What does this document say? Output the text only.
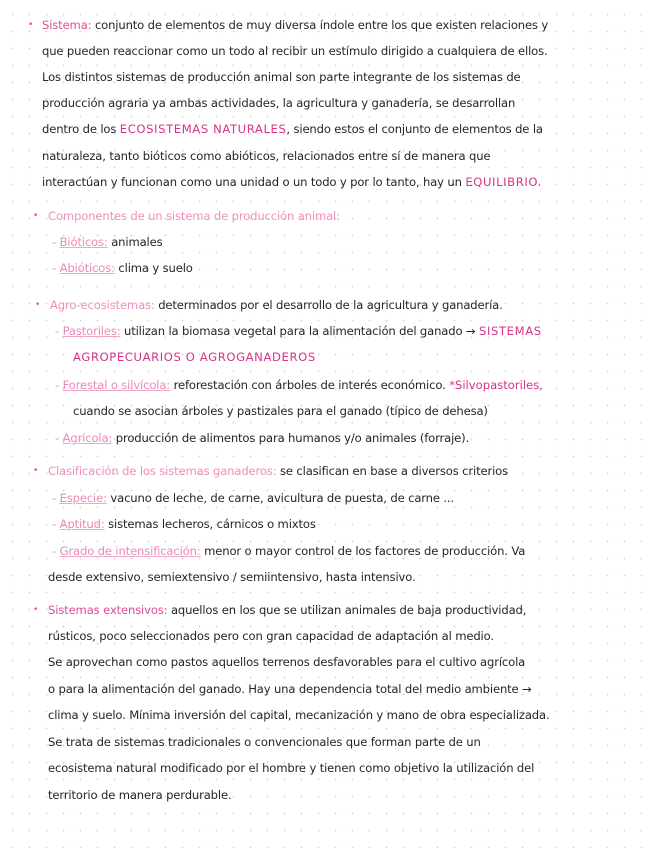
• Sistema: conjunto de elementos de muy diversa índole entre los que existen relaciones y
que pueden reaccionar como un todo al recibir un estímulo dirigido a cualquiera de ellos.
Los distintos sistemas de producción animal son parte integrante de los sistemas de
producción agraria ya ambas actividades, la agricultura y ganadería, se desarrollan
dentro de los ECOSISTEMAS NATURALES, siendo estos el conjunto de elementos de la
naturaleza, tanto bióticos como abióticos, relacionados entre sí de manera que
interactúan y funcionan como una unidad o un todo y por lo tanto, hay un EQUILIBRIO.
• Componentes de un sistema de producción animal:
- Bióticos: animales
- Abióticos: clima y suelo
• Agro-ecosistemas: determinados por el desarrollo de la agricultura y ganadería.
- Pastoriles: utilizan la biomasa vegetal para la alimentación del ganado → SISTEMAS
AGROPECUARIOS O AGROGANADEROS
- Forestal o silvícola: reforestación con árboles de interés económico. *Silvopastoriles,
cuando se asocian árboles y pastizales para el ganado (típico de dehesa)
- Agrícola: producción de alimentos para humanos y/o animales (forraje).
• Clasificación de los sistemas ganaderos: se clasifican en base a diversos criterios
- Especie: vacuno de leche, de carne, avicultura de puesta, de carne ...
- Aptitud: sistemas lecheros, cárnicos o mixtos
- Grado de intensificación: menor o mayor control de los factores de producción. Va
desde extensivo, semiextensivo / semiintensivo, hasta intensivo.
• Sistemas extensivos: aquellos en los que se utilizan animales de baja productividad,
rústicos, poco seleccionados pero con gran capacidad de adaptación al medio.
Se aprovechan como pastos aquellos terrenos desfavorables para el cultivo agrícola
o para la alimentación del ganado. Hay una dependencia total del medio ambiente →
clima y suelo. Mínima inversión del capital, mecanización y mano de obra especializada.
Se trata de sistemas tradicionales o convencionales que forman parte de un
ecosistema natural modificado por el hombre y tienen como objetivo la utilización del
territorio de manera perdurable.
